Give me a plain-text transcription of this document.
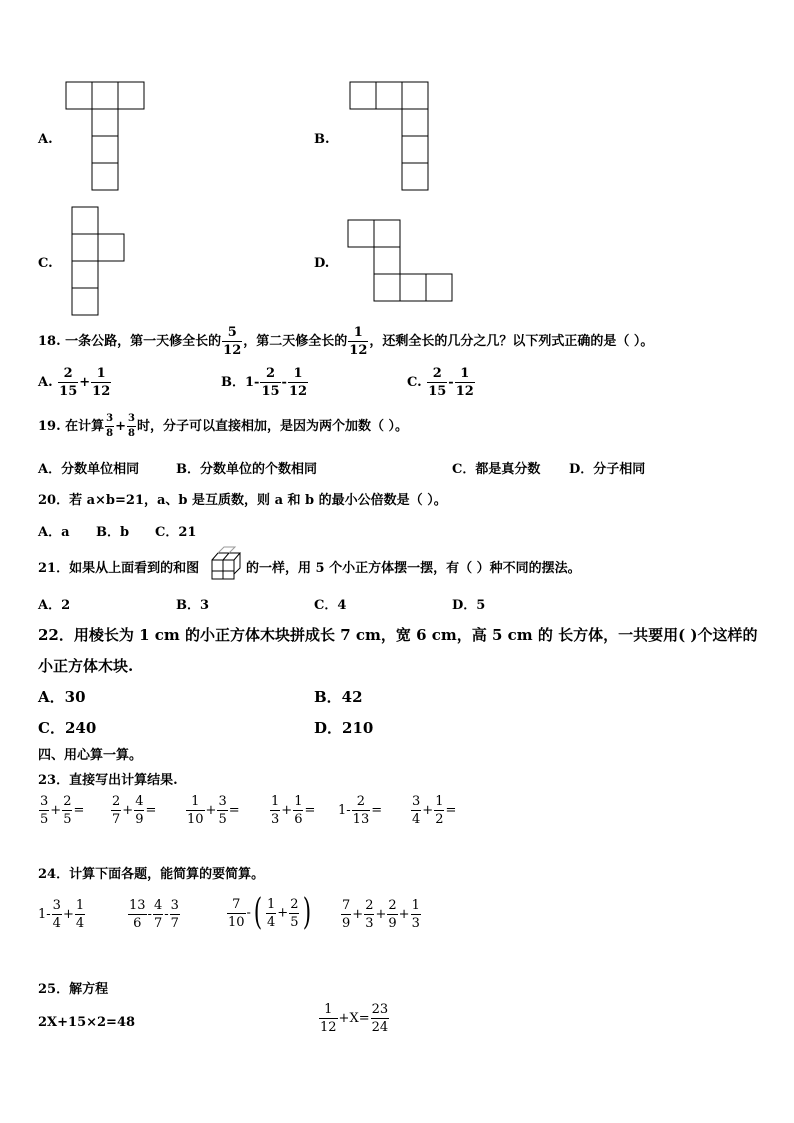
A.	B.
C.	D.
18. 一条公路，第一天修全长的 $\frac{5}{12}$ ，第二天修全长的 $\frac{1}{12}$ ，还剩全长的几分之几？以下列式正确的是（ ）。
A. $\frac{2}{15} + \frac{1}{12}$	B．$1- \frac{2}{15} - \frac{1}{12}$	C. $\frac{2}{15} - \frac{1}{12}$
19. 在计算 $\frac{3}{8} + \frac{3}{8}$ 时，分子可以直接相加，是因为两个加数（ ）。
A．分数单位相同	B．分数单位的个数相同	C．都是真分数 D．分子相同
20．若 a×b=21，a、b 是互质数，则 a 和 b 的最小公倍数是（ ）。
A．a B．b C．21
21．如果从上面看到的和图	的一样，用 5 个小正方体摆一摆，有（ ）种不同的摆法。
A．2	B．3	C．4	D．5
22．用棱长为 1 cm 的小正方体木块拼成长 7 cm，宽 6 cm，高 5 cm 的 长方体，一共要用( )个这样的
小正方体木块.
A．30	B．42
C．240	D．210
四、用心算一算。
23．直接写出计算结果.
$\frac{3}{5} + \frac{2}{5} = \frac{2}{7} + \frac{4}{9} = \frac{1}{10} + \frac{3}{5} = \frac{1}{3} + \frac{1}{6} = 1- \frac{2}{13} = \frac{3}{4} + \frac{1}{2}$ =
24．计算下面各题，能简算的要简算。
$1- \frac{3}{4} + \frac{1}{4}$	$\frac{13}{6} - \frac{4}{7} - \frac{3}{7}$	$\frac{7}{10}$ -( $\frac{1}{4} + \frac{2}{5}$ ) $\frac{7}{9} + \frac{2}{3} + \frac{2}{9} + \frac{1}{3}$
25．解方程
2X+15×2=48	$\frac{1}{12} +X= \frac{23}{24}$
